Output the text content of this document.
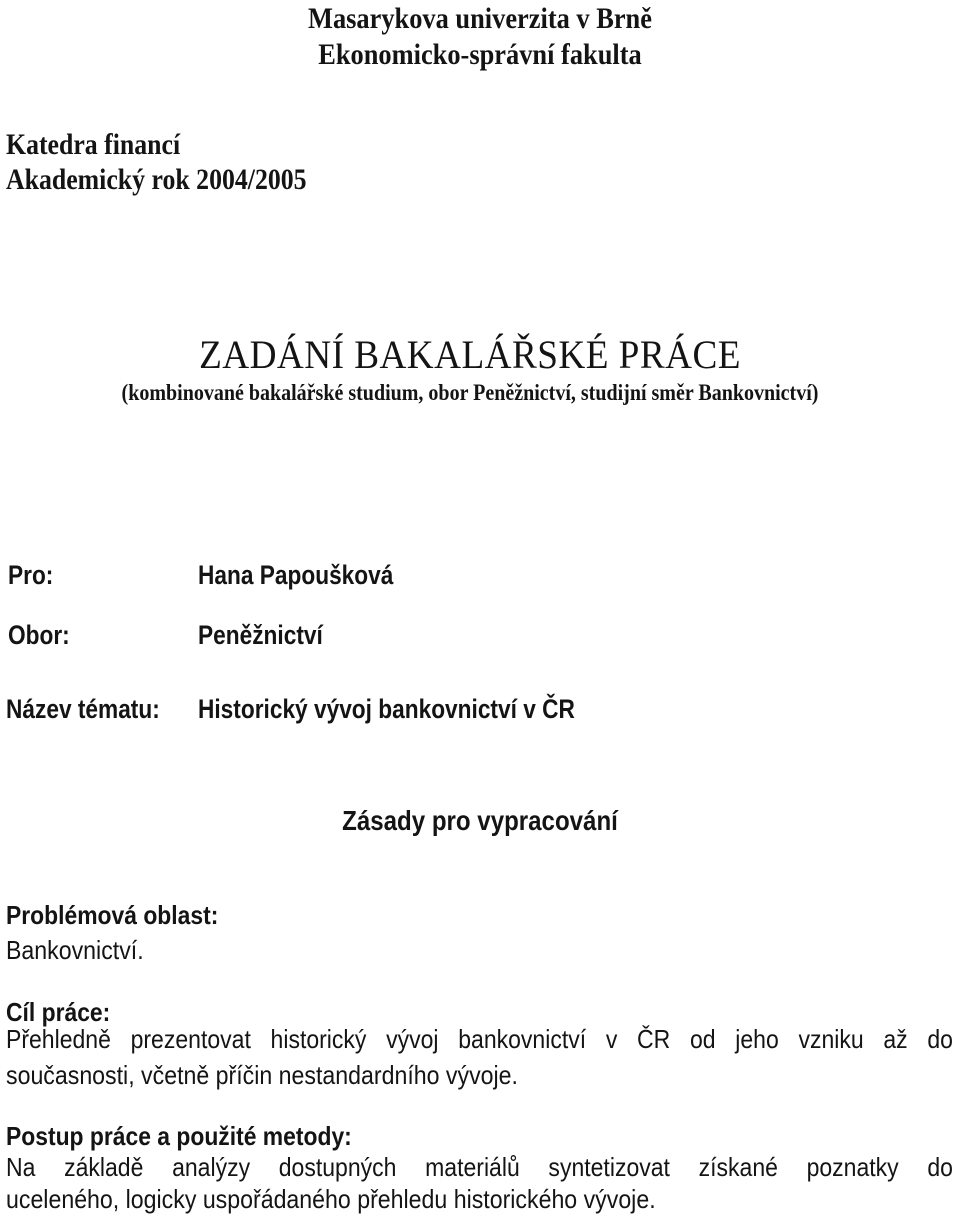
Masarykova univerzita v Brně
Ekonomicko-správní fakulta
Katedra financí
Akademický rok 2004/2005
ZADÁNÍ BAKALÁŘSKÉ PRÁCE
(kombinované bakalářské studium, obor Peněžnictví, studijní směr Bankovnictví)
Pro:	Hana Papoušková
Obor:	Peněžnictví
Název tématu: Historický vývoj bankovnictví v ČR
Zásady pro vypracování
Problémová oblast:
Bankovnictví.
Cíl práce:
Přehledně prezentovat historický vývoj bankovnictví v ČR od jeho vzniku až do
současnosti, včetně příčin nestandardního vývoje.
Postup práce a použité metody:
Na základě analýzy dostupných materiálů syntetizovat získané poznatky do
uceleného, logicky uspořádaného přehledu historického vývoje.
